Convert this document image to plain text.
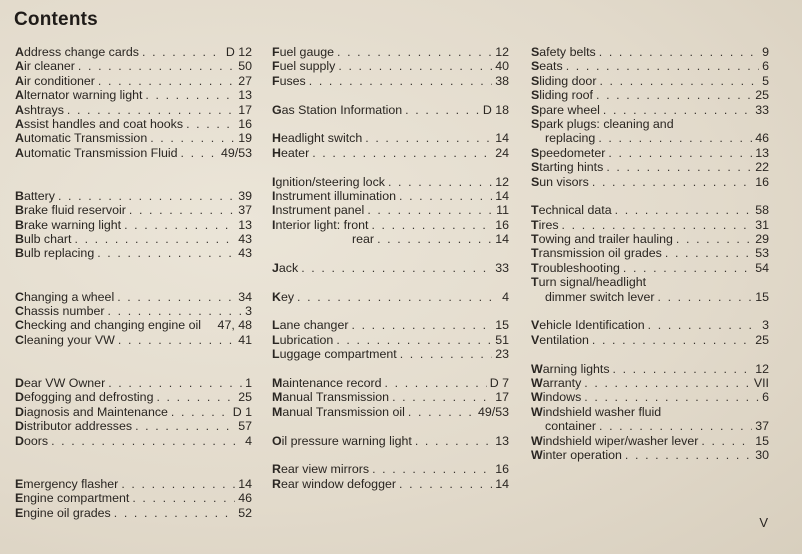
Contents
Address change cards . . .	D 12
Air cleaner . . .	50
Air conditioner . . .	27
Alternator warning light . . .	13
Ashtrays . . .	17
Assist handles and coat hooks . . .	16
Automatic Transmission . . .	19
Automatic Transmission Fluid . . .	49/53
Battery . . .	39
Brake fluid reservoir . . .	37
Brake warning light . . .	13
Bulb chart . . .	43
Bulb replacing . . .	43
Changing a wheel . . .	34
Chassis number . . .	3
Checking and changing engine oil 47, 48
Cleaning your VW . . .	41
Dear VW Owner . . .	1
Defogging and defrosting . . .	25
Diagnosis and Maintenance . . .	D 1
Distributor addresses . . .	57
Doors . . .	4
Emergency flasher . . .	14
Engine compartment . . .	46
Engine oil grades . . .	52
Fuel gauge . . .	12
Fuel supply . . .	40
Fuses . . .	38
Gas Station Information . . .	D 18
Headlight switch . . .	14
Heater . . .	24
Ignition/steering lock . . .	12
Instrument illumination . . .	14
Instrument panel . . .	11
Interior light: front . . .	16
rear . . .	14
Jack . . .	33
Key . . .	4
Lane changer . . .	15
Lubrication . . .	51
Luggage compartment . . .	23
Maintenance record . . .	D 7
Manual Transmission . . .	17
Manual Transmission oil . . .	49/53
Oil pressure warning light . . .	13
Rear view mirrors . . .	16
Rear window defogger . . .	14
Safety belts . . .	9
Seats . . .	6
Sliding door . . .	5
Sliding roof . . .	25
Spare wheel . . .	33
Spark plugs: cleaning and
replacing . . .	46
Speedometer . . .	13
Starting hints . . .	22
Sun visors . . .	16
Technical data . . .	58
Tires . . .	31
Towing and trailer hauling . . .	29
Transmission oil grades . . .	53
Troubleshooting . . .	54
Turn signal/headlight
dimmer switch lever . . .	15
Vehicle Identification . . .	3
Ventilation . . .	25
Warning lights . . .	12
Warranty . . .	VII
Windows . . .	6
Windshield washer fluid
container . . .	37
Windshield wiper/washer lever . . .	15
Winter operation . . .	30
V
